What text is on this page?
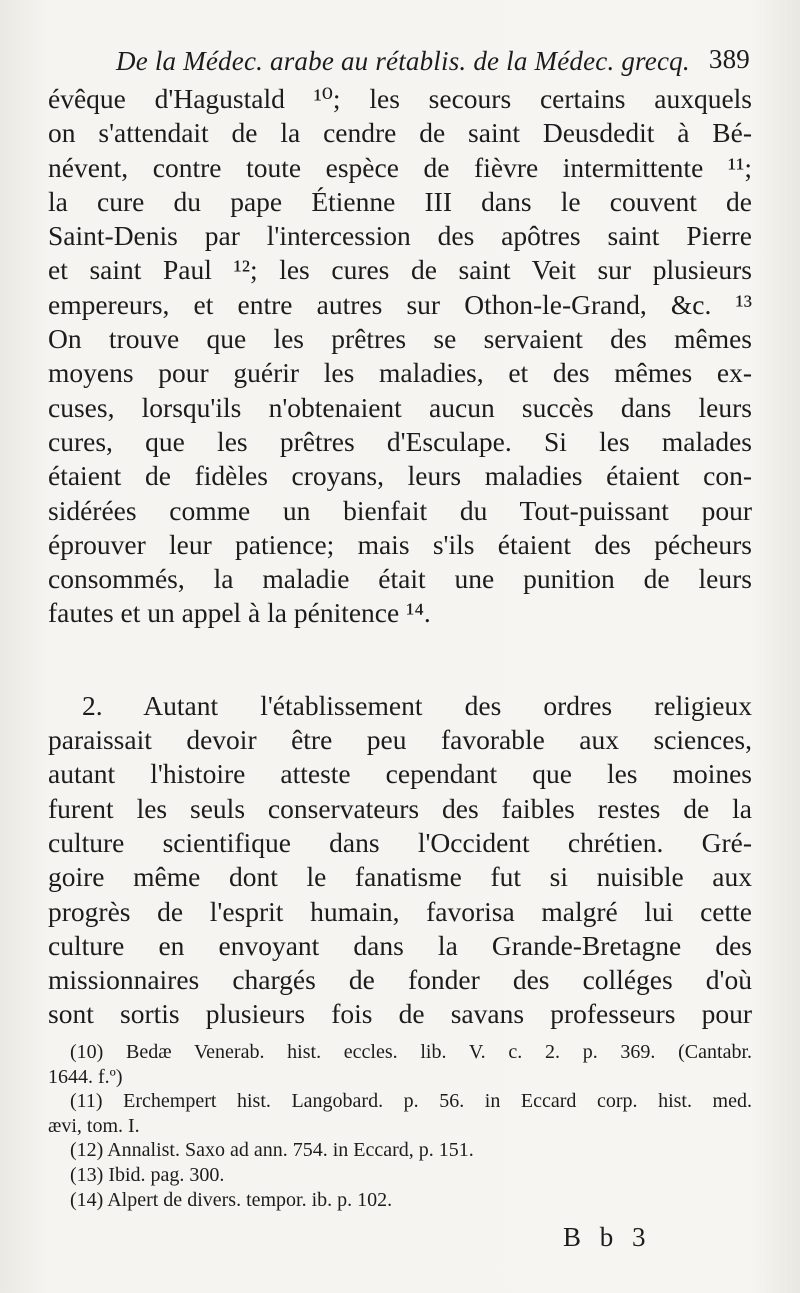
De la Médec. arabe au rétablis. de la Médec. grecq. 389
évêque d'Hagustald ¹⁰; les secours certains auxquels
on s'attendait de la cendre de saint Deusdedit à Bé-
névent, contre toute espèce de fièvre intermittente ¹¹;
la cure du pape Étienne III dans le couvent de
Saint-Denis par l'intercession des apôtres saint Pierre
et saint Paul ¹²; les cures de saint Veit sur plusieurs
empereurs, et entre autres sur Othon-le-Grand, &c. ¹³
On trouve que les prêtres se servaient des mêmes
moyens pour guérir les maladies, et des mêmes ex-
cuses, lorsqu'ils n'obtenaient aucun succès dans leurs
cures, que les prêtres d'Esculape. Si les malades
étaient de fidèles croyans, leurs maladies étaient con-
sidérées comme un bienfait du Tout-puissant pour
éprouver leur patience; mais s'ils étaient des pécheurs
consommés, la maladie était une punition de leurs
fautes et un appel à la pénitence ¹⁴.
2. Autant l'établissement des ordres religieux
paraissait devoir être peu favorable aux sciences,
autant l'histoire atteste cependant que les moines
furent les seuls conservateurs des faibles restes de la
culture scientifique dans l'Occident chrétien. Gré-
goire même dont le fanatisme fut si nuisible aux
progrès de l'esprit humain, favorisa malgré lui cette
culture en envoyant dans la Grande-Bretagne des
missionnaires chargés de fonder des colléges d'où
sont sortis plusieurs fois de savans professeurs pour
(10) Bedæ Venerab. hist. eccles. lib. V. c. 2. p. 369. (Cantabr.
1644. f.º)
(11) Erchempert hist. Langobard. p. 56. in Eccard corp. hist. med.
ævi, tom. I.
(12) Annalist. Saxo ad ann. 754. in Eccard, p. 151.
(13) Ibid. pag. 300.
(14) Alpert de divers. tempor. ib. p. 102.
B b 3
